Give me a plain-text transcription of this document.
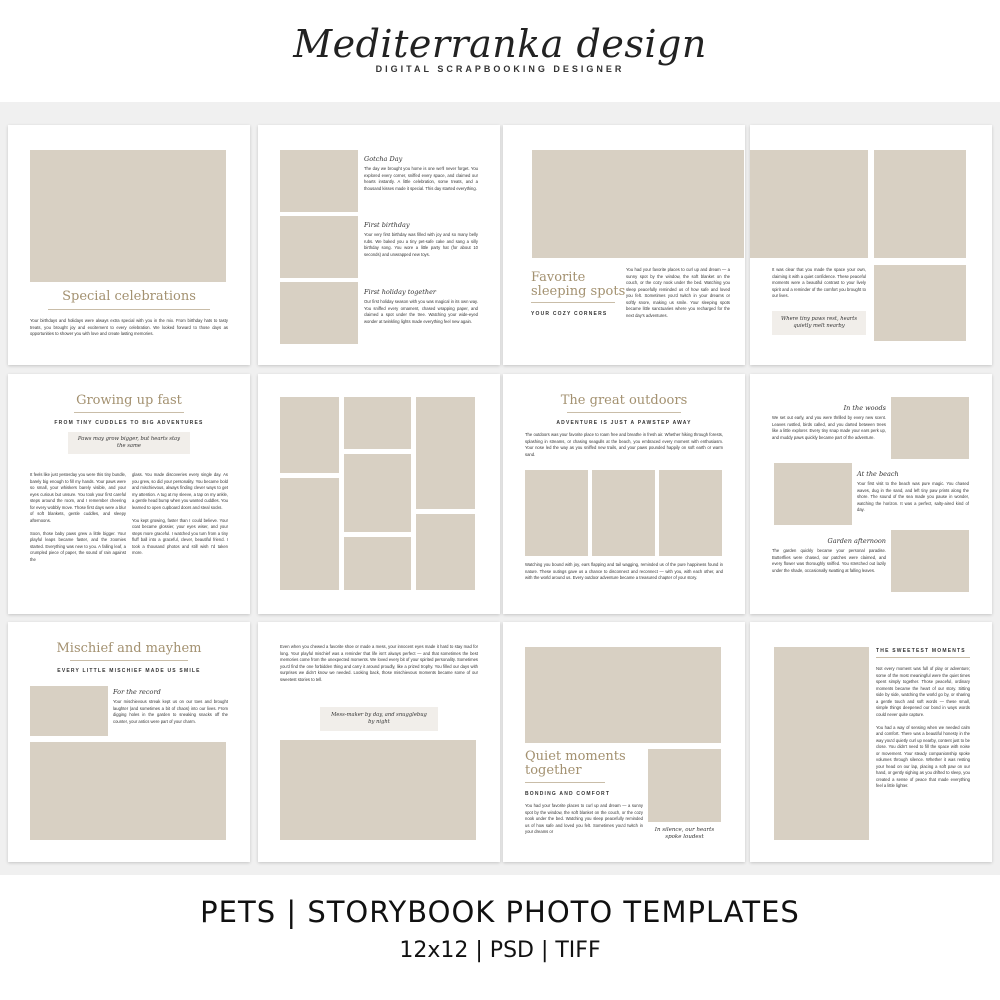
Mediterranka design
DIGITAL SCRAPBOOKING DESIGNER
Special celebrations
Your birthdays and holidays were always extra special with you in the mix. From birthday hats to tasty treats, you brought joy and excitement to every celebration. We looked forward to those days as opportunities to shower you with love and create lasting memories.
Gotcha Day
The day we brought you home is one we'll never forget. You explored every corner, sniffed every space, and claimed our hearts instantly. A little celebration, some treats, and a thousand kisses made it special. This day started everything.
First birthday
Your very first birthday was filled with joy and so many belly rubs. We baked you a tiny pet-safe cake and sang a silly birthday song. You wore a little party hat (for about 10 seconds) and unwrapped new toys.
First holiday together
Our first holiday season with you was magical in its own way. You sniffed every ornament, chased wrapping paper, and claimed a spot under the tree. Watching your wide-eyed wonder at twinkling lights made everything feel new again.
Favorite
sleeping spots
YOUR COZY CORNERS
You had your favorite places to curl up and dream — a sunny spot by the window, the soft blanket on the couch, or the cozy nook under the bed. Watching you sleep peacefully reminded us of how safe and loved you felt. Sometimes you'd twitch in your dreams or softly snore, making us smile. Your sleeping spots became little sanctuaries where you recharged for the next day's adventures.
It was clear that you made the space your own, claiming it with a quiet confidence. These peaceful moments were a beautiful contrast to your lively spirit and a reminder of the comfort you brought to our lives.
Where tiny paws rest, hearts quietly melt nearby
Growing up fast
FROM TINY CUDDLES TO BIG ADVENTURES
Paws may grow bigger, but hearts stay the same
It feels like just yesterday you were this tiny bundle, barely big enough to fill my hands. Your paws were so small, your whiskers barely visible, and your eyes curious but unsure. You took your first careful steps around the room, and I remember cheering for every wobbly move. Those first days were a blur of soft blankets, gentle cuddles, and sleepy afternoons.

Soon, those baby paws grew a little bigger. Your playful leaps became faster, and the zoomies started. Everything was new to you. A falling leaf, a crumpled piece of paper, the sound of rain against the
glass. You made discoveries every single day. As you grew, so did your personality. You became bold and mischievous, always finding clever ways to get my attention. A tug at my sleeve, a tap on my ankle, a gentle head bump when you wanted cuddles. You learned to open cupboard doors and steal socks.

You kept growing, faster than I could believe. Your coat became glossier, your eyes wiser, and your steps more graceful. I watched you turn from a tiny fluff ball into a graceful, clever, beautiful friend. I took a thousand photos and still wish I'd taken more.
The great outdoors
ADVENTURE IS JUST A PAWSTEP AWAY
The outdoors was your favorite place to roam free and breathe in fresh air. Whether hiking through forests, splashing in streams, or chasing seagulls at the beach, you embraced every moment with enthusiasm. Your nose led the way as you sniffed new trails, and your paws pounded happily on soft earth or warm sand.
Watching you bound with joy, ears flapping and tail wagging, reminded us of the pure happiness found in nature. These outings gave us a chance to disconnect and reconnect — with you, with each other, and with the world around us. Every outdoor adventure became a treasured chapter of your story.
In the woods
We set out early, and you were thrilled by every new scent. Leaves rustled, birds called, and you darted between trees like a little explorer. Every tiny snap made your ears perk up, and muddy paws quickly became part of the adventure.
At the beach
Your first visit to the beach was pure magic. You chased waves, dug in the sand, and left tiny paw prints along the shore. The sound of the sea made you pause in wonder, watching the horizon. It was a perfect, salty-aired kind of day.
Garden afternoon
The garden quickly became your personal paradise. Butterflies were chased, our patches were claimed, and every flower was thoroughly sniffed. You stretched out lazily under the shade, occasionally swatting at falling leaves.
Mischief and mayhem
EVERY LITTLE MISCHIEF MADE US SMILE
For the record
Your mischievous streak kept us on our toes and brought laughter (and sometimes a bit of chaos) into our lives. From digging holes in the garden to sneaking snacks off the counter, your antics were part of your charm.
Even when you chewed a favorite shoe or made a mess, your innocent eyes made it hard to stay mad for long. Your playful mischief was a reminder that life isn't always perfect — and that sometimes the best memories come from the unexpected moments. We loved every bit of your spirited personality. Sometimes you'd find the one forbidden thing and carry it around proudly, like a prized trophy. You filled our days with surprises we didn't know we needed. Looking back, those mischievous moments became some of our sweetest stories to tell.
Mess-maker by day, and snugglebug by night
Quiet moments
together
BONDING AND COMFORT
You had your favorite places to curl up and dream — a sunny spot by the window, the soft blanket on the couch, or the cozy nook under the bed. Watching you sleep peacefully reminded us of how safe and loved you felt. Sometimes you'd twitch in your dreams or	In silence, our hearts spoke loudest
THE SWEETEST MOMENTS
Not every moment was full of play or adventure; some of the most meaningful were the quiet times spent simply together. Those peaceful, ordinary moments became the heart of our story. Sitting side by side, watching the world go by, or sharing a gentle touch and soft words — these small, simple things deepened our bond in ways words could never quite capture.

You had a way of sensing when we needed calm and comfort. There was a beautiful honesty in the way you'd quietly curl up nearby, content just to be close. You didn't need to fill the space with noise or movement. Your steady companionship spoke volumes through silence. Whether it was resting your head on our lap, placing a soft paw on our hand, or gently sighing as you drifted to sleep, you created a sense of peace that made everything feel a little lighter.
PETS | STORYBOOK PHOTO TEMPLATES
12x12 | PSD | TIFF
